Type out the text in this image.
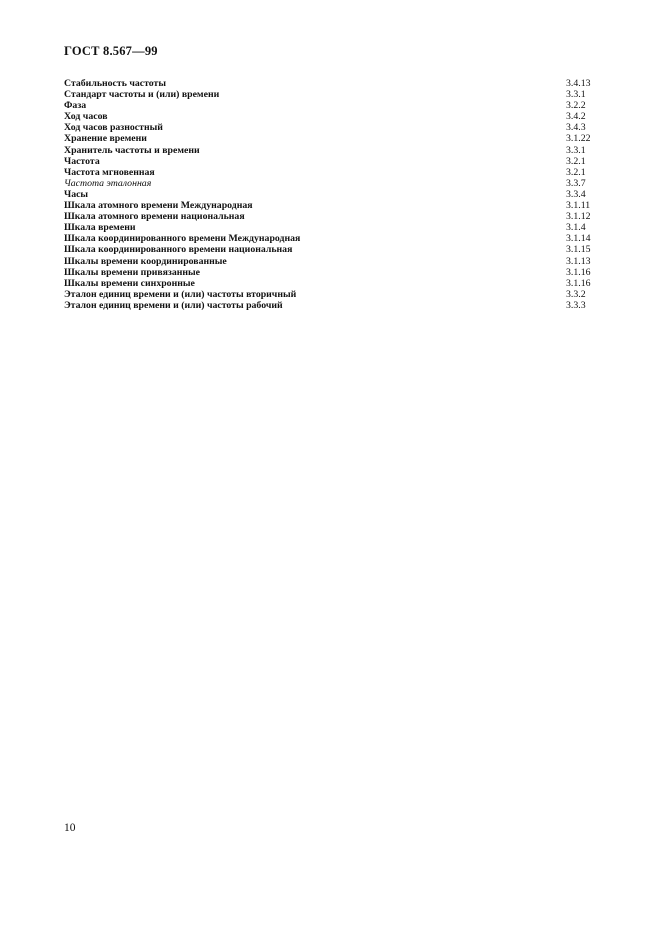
ГОСТ 8.567—99
Стабильность частоты	3.4.13
Стандарт частоты и (или) времени	3.3.1
Фаза	3.2.2
Ход часов	3.4.2
Ход часов разностный	3.4.3
Хранение времени	3.1.22
Хранитель частоты и времени	3.3.1
Частота	3.2.1
Частота мгновенная	3.2.1
Частота эталонная	3.3.7
Часы	3.3.4
Шкала атомного времени Международная	3.1.11
Шкала атомного времени национальная	3.1.12
Шкала времени	3.1.4
Шкала координированного времени Международная	3.1.14
Шкала координированного времени национальная	3.1.15
Шкалы времени координированные	3.1.13
Шкалы времени привязанные	3.1.16
Шкалы времени синхронные	3.1.16
Эталон единиц времени и (или) частоты вторичный	3.3.2
Эталон единиц времени и (или) частоты рабочий	3.3.3
10
